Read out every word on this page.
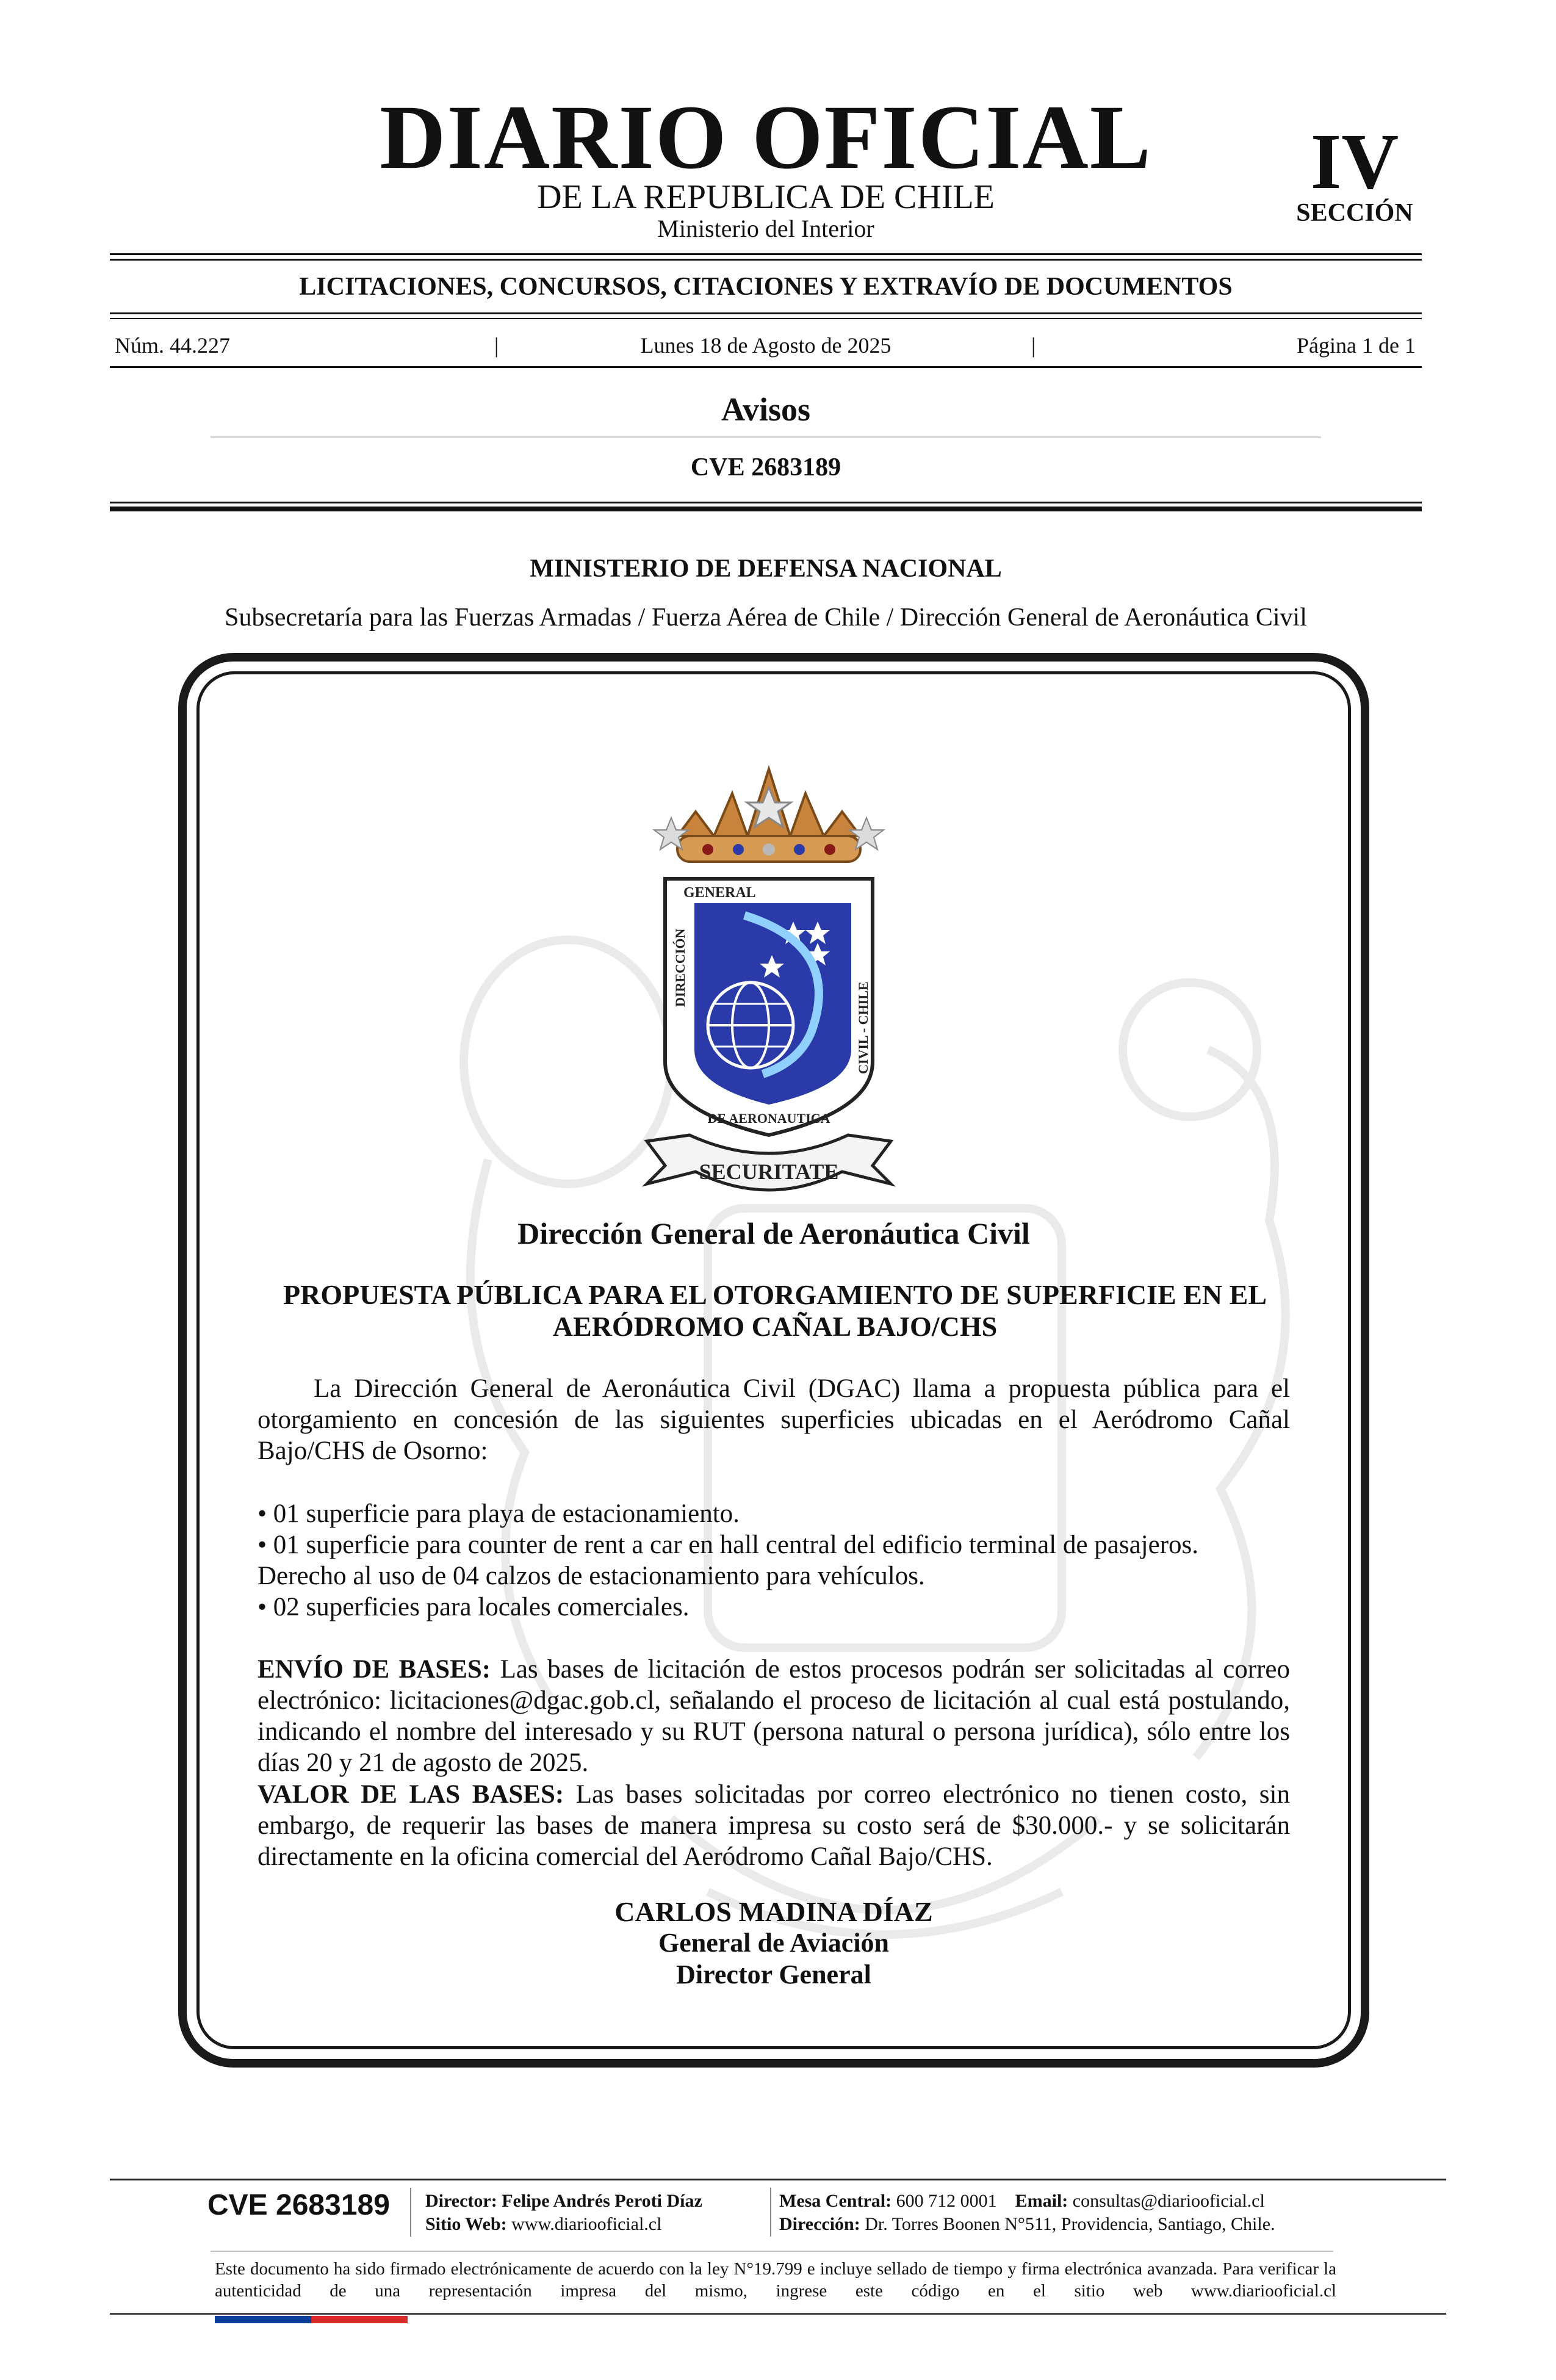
DIARIO OFICIAL
DE LA REPUBLICA DE CHILE
Ministerio del Interior
IV
SECCIÓN
LICITACIONES, CONCURSOS, CITACIONES Y EXTRAVÍO DE DOCUMENTOS
Núm. 44.227	|	Lunes 18 de Agosto de 2025	|	Página 1 de 1
Avisos
CVE 2683189
MINISTERIO DE DEFENSA NACIONAL
Subsecretaría para las Fuerzas Armadas / Fuerza Aérea de Chile / Dirección General de Aeronáutica Civil
GENERAL
DIRECCIÓN
CIVIL - CHILE
DE AERONAUTICA
SECURITATE
Dirección General de Aeronáutica Civil
PROPUESTA PÚBLICA PARA EL OTORGAMIENTO DE SUPERFICIE EN EL
AERÓDROMO CAÑAL BAJO/CHS
La Dirección General de Aeronáutica Civil (DGAC) llama a propuesta pública para el otorgamiento en concesión de las siguientes superficies ubicadas en el Aeródromo Cañal Bajo/CHS de Osorno:
• 01 superficie para playa de estacionamiento.
• 01 superficie para counter de rent a car en hall central del edificio terminal de pasajeros.
Derecho al uso de 04 calzos de estacionamiento para vehículos.
• 02 superficies para locales comerciales.
ENVÍO DE BASES: Las bases de licitación de estos procesos podrán ser solicitadas al correo electrónico: licitaciones@dgac.gob.cl, señalando el proceso de licitación al cual está postulando, indicando el nombre del interesado y su RUT (persona natural o persona jurídica), sólo entre los días 20 y 21 de agosto de 2025.
VALOR DE LAS BASES: Las bases solicitadas por correo electrónico no tienen costo, sin embargo, de requerir las bases de manera impresa su costo será de $30.000.- y se solicitarán directamente en la oficina comercial del Aeródromo Cañal Bajo/CHS.
CARLOS MADINA DÍAZ
General de Aviación
Director General
CVE 2683189 Director: Felipe Andrés Peroti Díaz
Sitio Web: www.diariooficial.cl
Mesa Central: 600 712 0001 Email: consultas@diariooficial.cl
Dirección: Dr. Torres Boonen N°511, Providencia, Santiago, Chile.
Este documento ha sido firmado electrónicamente de acuerdo con la ley N°19.799 e incluye sellado de tiempo y firma electrónica avanzada. Para verificar la autenticidad de una representación impresa del mismo, ingrese este código en el sitio web www.diariooficial.cl
